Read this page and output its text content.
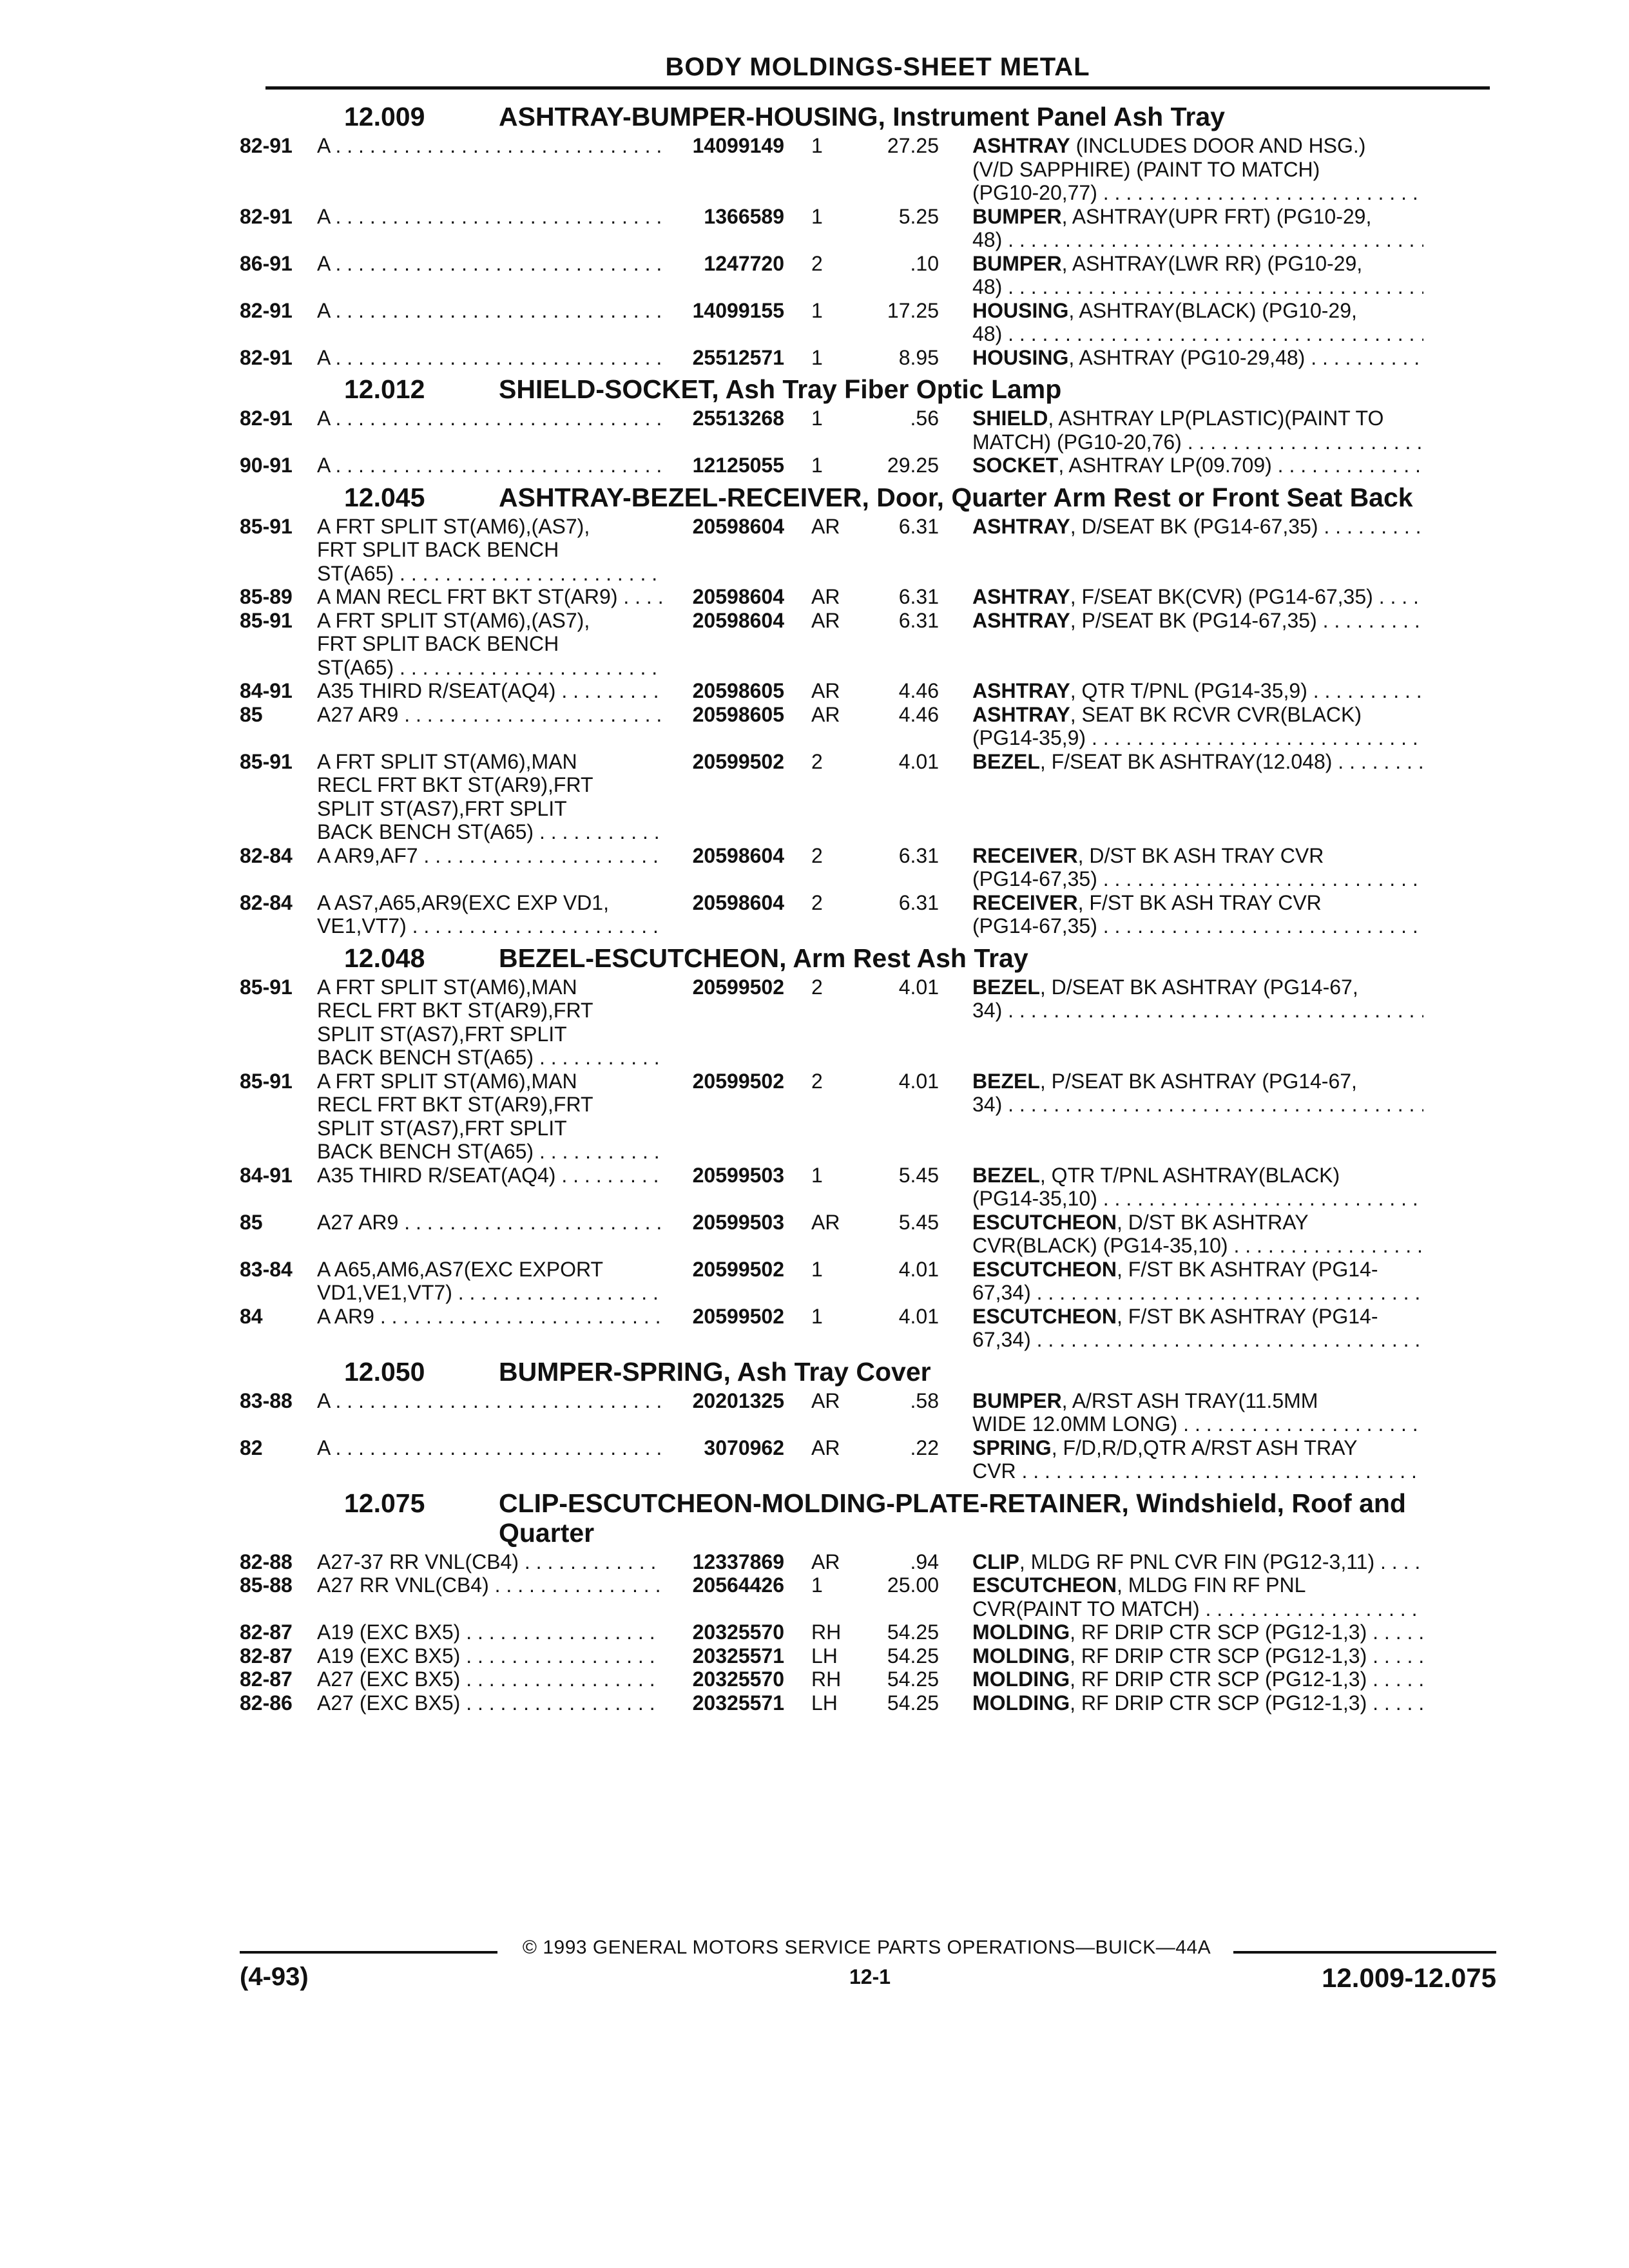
BODY MOLDINGS-SHEET METAL
12.009	ASHTRAY-BUMPER-HOUSING, Instrument Panel Ash Tray
82-91	A . . .	14099149	1	27.25 ASHTRAY (INCLUDES DOOR AND HSG.)
(V/D SAPPHIRE) (PAINT TO MATCH)
(PG10-20,77) . . .
82-91	A . . .	1366589	1	5.25 BUMPER, ASHTRAY(UPR FRT) (PG10-29,
48) . . .
86-91	A . . .	1247720	2	.10 BUMPER, ASHTRAY(LWR RR) (PG10-29,
48) . . .
82-91	A . . .	14099155	1	17.25 HOUSING, ASHTRAY(BLACK) (PG10-29,
48) . . .
82-91	A . . .	25512571	1	8.95 HOUSING, ASHTRAY (PG10-29,48) . . .
12.012	SHIELD-SOCKET, Ash Tray Fiber Optic Lamp
82-91	A . . .	25513268	1	.56 SHIELD, ASHTRAY LP(PLASTIC)(PAINT TO
MATCH) (PG10-20,76) . . .
90-91	A . . .	12125055	1	29.25 SOCKET, ASHTRAY LP(09.709) . . .
12.045	ASHTRAY-BEZEL-RECEIVER, Door, Quarter Arm Rest or Front Seat Back
85-91	A FRT SPLIT ST(AM6),(AS7),
FRT SPLIT BACK BENCH
ST(A65) . . .
20598604	AR	6.31 ASHTRAY, D/SEAT BK (PG14-67,35) . . .
85-89	A MAN RECL FRT BKT ST(AR9) . . .	20598604	AR	6.31 ASHTRAY, F/SEAT BK(CVR) (PG14-67,35) . . .
85-91	A FRT SPLIT ST(AM6),(AS7),
FRT SPLIT BACK BENCH
ST(A65) . . .
20598604	AR	6.31 ASHTRAY, P/SEAT BK (PG14-67,35) . . .
84-91	A35 THIRD R/SEAT(AQ4) . . .	20598605	AR	4.46 ASHTRAY, QTR T/PNL (PG14-35,9) . . .
85	A27 AR9 . . .	20598605	AR	4.46 ASHTRAY, SEAT BK RCVR CVR(BLACK)
(PG14-35,9) . . .
85-91	A FRT SPLIT ST(AM6),MAN
RECL FRT BKT ST(AR9),FRT
SPLIT ST(AS7),FRT SPLIT
BACK BENCH ST(A65) . . .
20599502	2	4.01 BEZEL, F/SEAT BK ASHTRAY(12.048) . . .
82-84	A AR9,AF7 . . .	20598604	2	6.31 RECEIVER, D/ST BK ASH TRAY CVR
(PG14-67,35) . . .
82-84	A AS7,A65,AR9(EXC EXP VD1,
VE1,VT7) . . .
20598604	2	6.31 RECEIVER, F/ST BK ASH TRAY CVR
(PG14-67,35) . . .
12.048	BEZEL-ESCUTCHEON, Arm Rest Ash Tray
85-91	A FRT SPLIT ST(AM6),MAN
RECL FRT BKT ST(AR9),FRT
SPLIT ST(AS7),FRT SPLIT
BACK BENCH ST(A65) . . .
20599502	2	4.01 BEZEL, D/SEAT BK ASHTRAY (PG14-67,
34) . . .
85-91	A FRT SPLIT ST(AM6),MAN
RECL FRT BKT ST(AR9),FRT
SPLIT ST(AS7),FRT SPLIT
BACK BENCH ST(A65) . . .
20599502	2	4.01 BEZEL, P/SEAT BK ASHTRAY (PG14-67,
34) . . .
84-91	A35 THIRD R/SEAT(AQ4) . . .	20599503	1	5.45 BEZEL, QTR T/PNL ASHTRAY(BLACK)
(PG14-35,10) . . .
85	A27 AR9 . . .	20599503	AR	5.45 ESCUTCHEON, D/ST BK ASHTRAY
CVR(BLACK) (PG14-35,10) . . .
83-84	A A65,AM6,AS7(EXC EXPORT
VD1,VE1,VT7) . . .
20599502	1	4.01 ESCUTCHEON, F/ST BK ASHTRAY (PG14-
67,34) . . .
84	A AR9 . . .	20599502	1	4.01 ESCUTCHEON, F/ST BK ASHTRAY (PG14-
67,34) . . .
12.050	BUMPER-SPRING, Ash Tray Cover
83-88	A . . .	20201325	AR	.58 BUMPER, A/RST ASH TRAY(11.5MM
WIDE 12.0MM LONG) . . .
82	A . . .	3070962	AR	.22 SPRING, F/D,R/D,QTR A/RST ASH TRAY
CVR . . .
12.075	CLIP-ESCUTCHEON-MOLDING-PLATE-RETAINER, Windshield, Roof and Quarter
82-88	A27-37 RR VNL(CB4) . . .	12337869	AR	.94 CLIP, MLDG RF PNL CVR FIN (PG12-3,11) . . .
85-88	A27 RR VNL(CB4) . . .	20564426	1	25.00 ESCUTCHEON, MLDG FIN RF PNL
CVR(PAINT TO MATCH) . . .
82-87	A19 (EXC BX5) . . .	20325570	RH	54.25 MOLDING, RF DRIP CTR SCP (PG12-1,3) . . .
82-87	A19 (EXC BX5) . . .	20325571	LH	54.25 MOLDING, RF DRIP CTR SCP (PG12-1,3) . . .
82-87	A27 (EXC BX5) . . .	20325570	RH	54.25 MOLDING, RF DRIP CTR SCP (PG12-1,3) . . .
82-86	A27 (EXC BX5) . . .	20325571	LH	54.25 MOLDING, RF DRIP CTR SCP (PG12-1,3) . . .
© 1993 GENERAL MOTORS SERVICE PARTS OPERATIONS—BUICK—44A
(4-93)	12-1	12.009-12.075
